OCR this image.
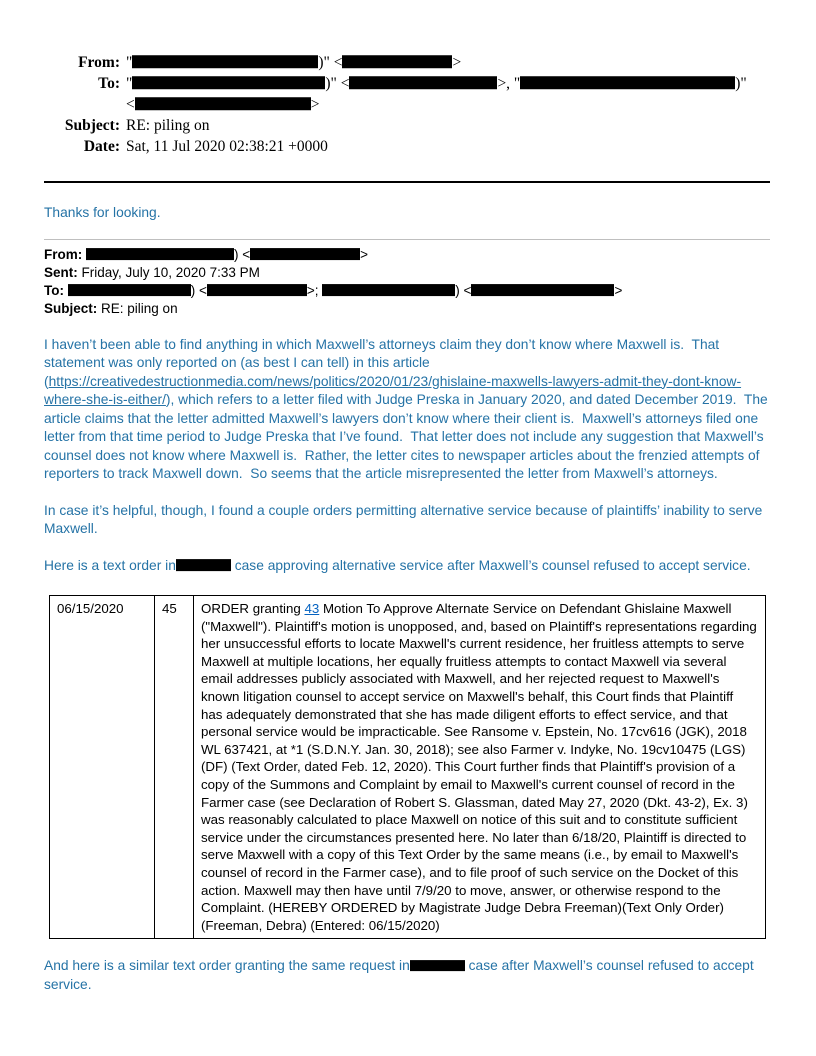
From: "	)" <	>
To: "	)" <	>, "	)"
<	>
Subject: RE: piling on
Date: Sat, 11 Jul 2020 02:38:21 +0000
Thanks for looking.
From:	) <	>
Sent: Friday, July 10, 2020 7:33 PM
To:	) <	>;	) <	>
Subject: RE: piling on
I haven’t been able to find anything in which Maxwell’s attorneys claim they don’t know where Maxwell is.  That statement was only reported on (as best I can tell) in this article (https://creativedestructionmedia.com/news/politics/2020/01/23/ghislaine-maxwells-lawyers-admit-they-dont-know-where-she-is-either/), which refers to a letter filed with Judge Preska in January 2020, and dated December 2019.  The article claims that the letter admitted Maxwell’s lawyers don’t know where their client is.  Maxwell’s attorneys filed one letter from that time period to Judge Preska that I’ve found.  That letter does not include any suggestion that Maxwell’s counsel does not know where Maxwell is.  Rather, the letter cites to newspaper articles about the frenzied attempts of reporters to track Maxwell down.  So seems that the article misrepresented the letter from Maxwell’s attorneys.
In case it’s helpful, though, I found a couple orders permitting alternative service because of plaintiffs’ inability to serve Maxwell.
Here is a text order in	case approving alternative service after Maxwell’s counsel refused to accept service.
06/15/2020	45	ORDER granting 43 Motion To Approve Alternate Service on Defendant Ghislaine Maxwell ("Maxwell"). Plaintiff's motion is unopposed, and, based on Plaintiff's representations regarding her unsuccessful efforts to locate Maxwell's current residence, her fruitless attempts to serve Maxwell at multiple locations, her equally fruitless attempts to contact Maxwell via several email addresses publicly associated with Maxwell, and her rejected request to Maxwell's known litigation counsel to accept service on Maxwell's behalf, this Court finds that Plaintiff has adequately demonstrated that she has made diligent efforts to effect service, and that personal service would be impracticable. See Ransome v. Epstein, No. 17cv616 (JGK), 2018 WL 637421, at *1 (S.D.N.Y. Jan. 30, 2018); see also Farmer v. Indyke, No. 19cv10475 (LGS)(DF) (Text Order, dated Feb. 12, 2020). This Court further finds that Plaintiff's provision of a copy of the Summons and Complaint by email to Maxwell's current counsel of record in the Farmer case (see Declaration of Robert S. Glassman, dated May 27, 2020 (Dkt. 43-2), Ex. 3) was reasonably calculated to place Maxwell on notice of this suit and to constitute sufficient service under the circumstances presented here. No later than 6/18/20, Plaintiff is directed to serve Maxwell with a copy of this Text Order by the same means (i.e., by email to Maxwell's counsel of record in the Farmer case), and to file proof of such service on the Docket of this action. Maxwell may then have until 7/9/20 to move, answer, or otherwise respond to the Complaint. (HEREBY ORDERED by Magistrate Judge Debra Freeman)(Text Only Order) (Freeman, Debra) (Entered: 06/15/2020)
And here is a similar text order granting the same request in	case after Maxwell’s counsel refused to accept service.
